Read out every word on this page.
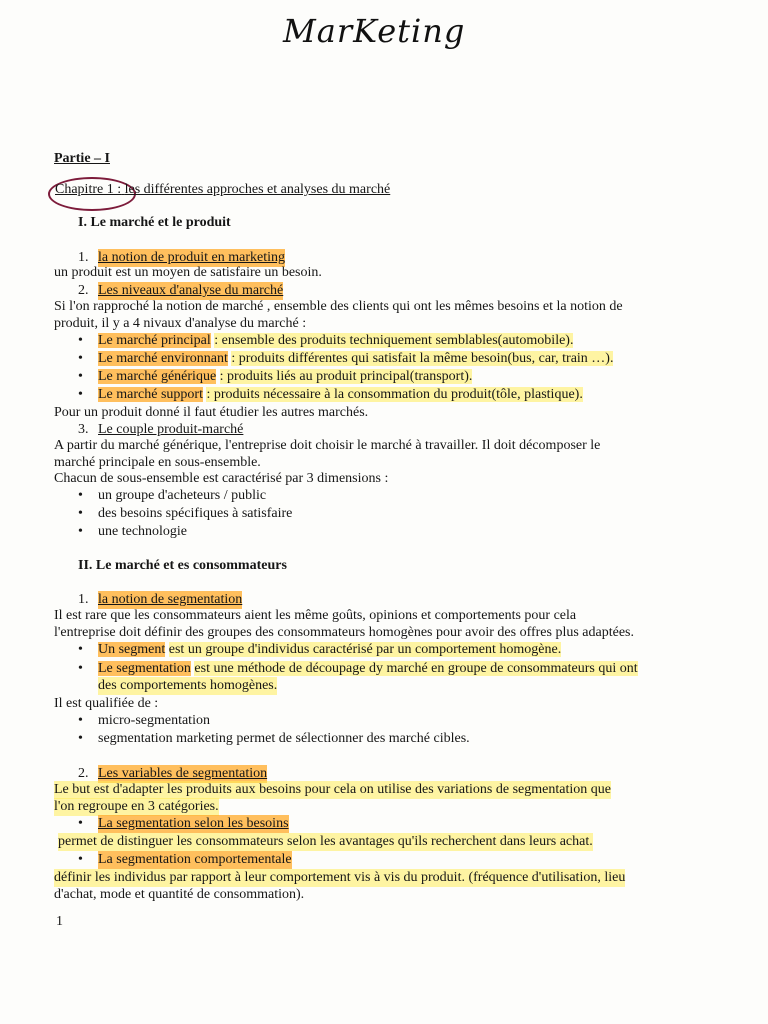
MarKeting
Partie – I
Chapitre 1 : les différentes approches et analyses du marché
I. Le marché et le produit
1. la notion de produit en marketing
un produit est un moyen de satisfaire un besoin.
2. Les niveaux d'analyse du marché
Si l'on rapproché la notion de marché , ensemble des clients qui ont les mêmes besoins et la notion de
produit, il y a 4 nivaux d'analyse du marché :
• Le marché principal : ensemble des produits techniquement semblables(automobile).
• Le marché environnant : produits différentes qui satisfait la même besoin(bus, car, train …).
• Le marché générique : produits liés au produit principal(transport).
• Le marché support : produits nécessaire à la consommation du produit(tôle, plastique).
Pour un produit donné il faut étudier les autres marchés.
3. Le couple produit-marché
A partir du marché générique, l'entreprise doit choisir le marché à travailler. Il doit décomposer le
marché principale en sous-ensemble.
Chacun de sous-ensemble est caractérisé par 3 dimensions :
• un groupe d'acheteurs / public
• des besoins spécifiques à satisfaire
• une technologie
II. Le marché et es consommateurs
1. la notion de segmentation
Il est rare que les consommateurs aient les même goûts, opinions et comportements pour cela
l'entreprise doit définir des groupes des consommateurs homogènes pour avoir des offres plus adaptées.
• Un segment est un groupe d'individus caractérisé par un comportement homogène.
• Le segmentation est une méthode de découpage dy marché en groupe de consommateurs qui ont
des comportements homogènes.
Il est qualifiée de :
• micro-segmentation
• segmentation marketing permet de sélectionner des marché cibles.
2. Les variables de segmentation
Le but est d'adapter les produits aux besoins pour cela on utilise des variations de segmentation que
l'on regroupe en 3 catégories.
• La segmentation selon les besoins
permet de distinguer les consommateurs selon les avantages qu'ils recherchent dans leurs achat.
• La segmentation comportementale
définir les individus par rapport à leur comportement vis à vis du produit. (fréquence d'utilisation, lieu
d'achat, mode et quantité de consommation).
1
